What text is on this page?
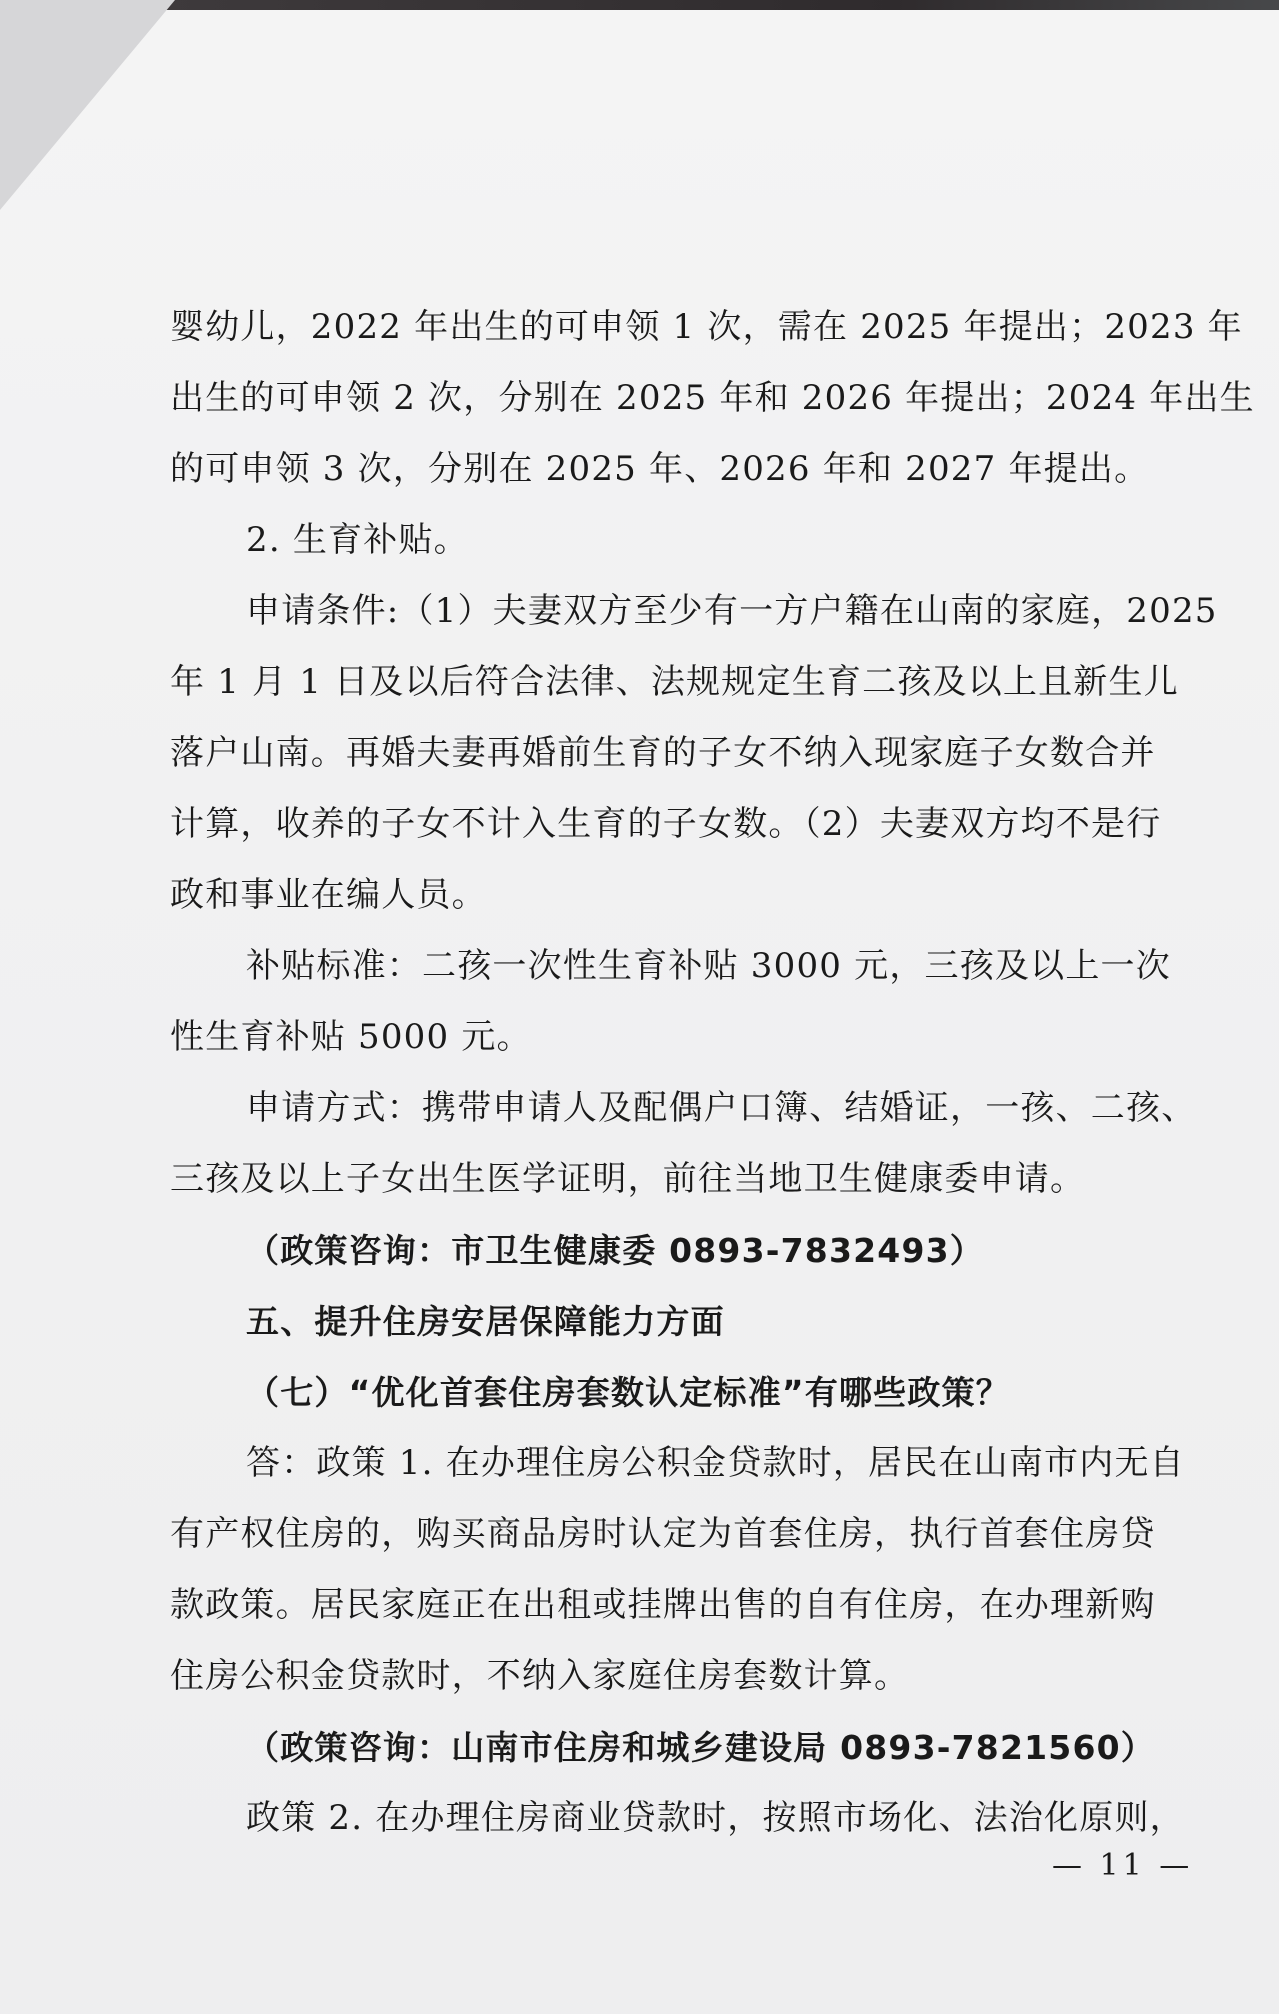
婴幼儿，2022 年出生的可申领 1 次，需在 2025 年提出；2023 年
出生的可申领 2 次，分别在 2025 年和 2026 年提出；2024 年出生
的可申领 3 次，分别在 2025 年、2026 年和 2027 年提出。
2. 生育补贴。
申请条件:（1）夫妻双方至少有一方户籍在山南的家庭，2025
年 1 月 1 日及以后符合法律、法规规定生育二孩及以上且新生儿
落户山南。再婚夫妻再婚前生育的子女不纳入现家庭子女数合并
计算，收养的子女不计入生育的子女数。（2）夫妻双方均不是行
政和事业在编人员。
补贴标准：二孩一次性生育补贴 3000 元，三孩及以上一次
性生育补贴 5000 元。
申请方式：携带申请人及配偶户口簿、结婚证，一孩、二孩、
三孩及以上子女出生医学证明，前往当地卫生健康委申请。
（政策咨询：市卫生健康委 0893-7832493）
五、提升住房安居保障能力方面
（七）“优化首套住房套数认定标准”有哪些政策？
答：政策 1. 在办理住房公积金贷款时，居民在山南市内无自
有产权住房的，购买商品房时认定为首套住房，执行首套住房贷
款政策。居民家庭正在出租或挂牌出售的自有住房，在办理新购
住房公积金贷款时，不纳入家庭住房套数计算。
（政策咨询：山南市住房和城乡建设局 0893-7821560）
政策 2. 在办理住房商业贷款时，按照市场化、法治化原则，
— 11 —
